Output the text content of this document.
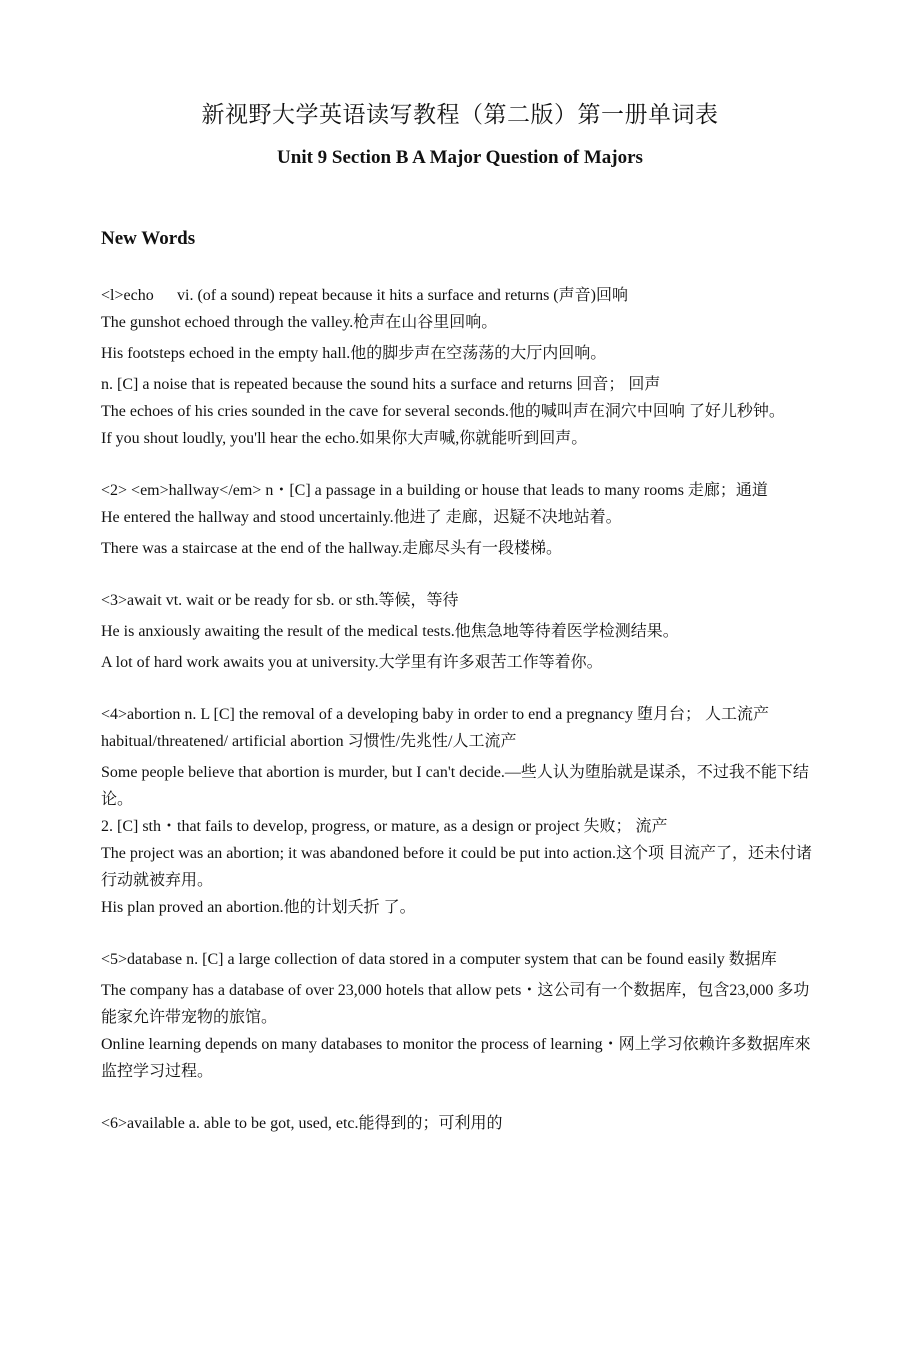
新视野大学英语读写教程（第二版）第一册单词表
Unit 9 Section B A Major Question of Majors
New Words

<l>echo vi. (of a sound) repeat because it hits a surface and returns (声音)回响

The gunshot echoed through the valley.枪声在山谷里回响。

His footsteps echoed in the empty hall.他的脚步声在空荡荡的大厅内回响。

n. [C] a noise that is repeated because the sound hits a surface and returns 回音； 回声

The echoes of his cries sounded in the cave for several seconds.他的喊叫声在洞穴中回响 了好儿秒钟。

If you shout loudly, you'll hear the echo.如果你大声喊,你就能听到回声。

<2> <em>hallway</em> n・[C] a passage in a building or house that leads to many rooms 走廊；通道

He entered the hallway and stood uncertainly.他进了 走廊，迟疑不决地站着。

There was a staircase at the end of the hallway.走廊尽头有一段楼梯。

<3>await vt. wait or be ready for sb. or sth.等候，等待

He is anxiously awaiting the result of the medical tests.他焦急地等待着医学检测结果。

A lot of hard work awaits you at university.大学里有许多艰苦工作等着你。

<4>abortion n. L [C] the removal of a developing baby in order to end a pregnancy 堕月台； 人工流产

habitual/threatened/ artificial abortion 习惯性/先兆性/人工流产

Some people believe that abortion is murder, but I can't decide.—些人认为堕胎就是谋杀，不过我不能下结论。

2. [C] sth・that fails to develop, progress, or mature, as a design or project 失败； 流产

The project was an abortion; it was abandoned before it could be put into action.这个项 目流产了，还未付诸行动就被弃用。

His plan proved an abortion.他的计划夭折 了。

<5>database n. [C] a large collection of data stored in a computer system that can be found easily 数据库

The company has a database of over 23,000 hotels that allow pets・这公司有一个数据库，包含23,000 多功能家允许带宠物的旅馆。

Online learning depends on many databases to monitor the process of learning・网上学习依赖许多数据库來监控学习过程。

<6>available a. able to be got, used, etc.能得到的；可利用的
